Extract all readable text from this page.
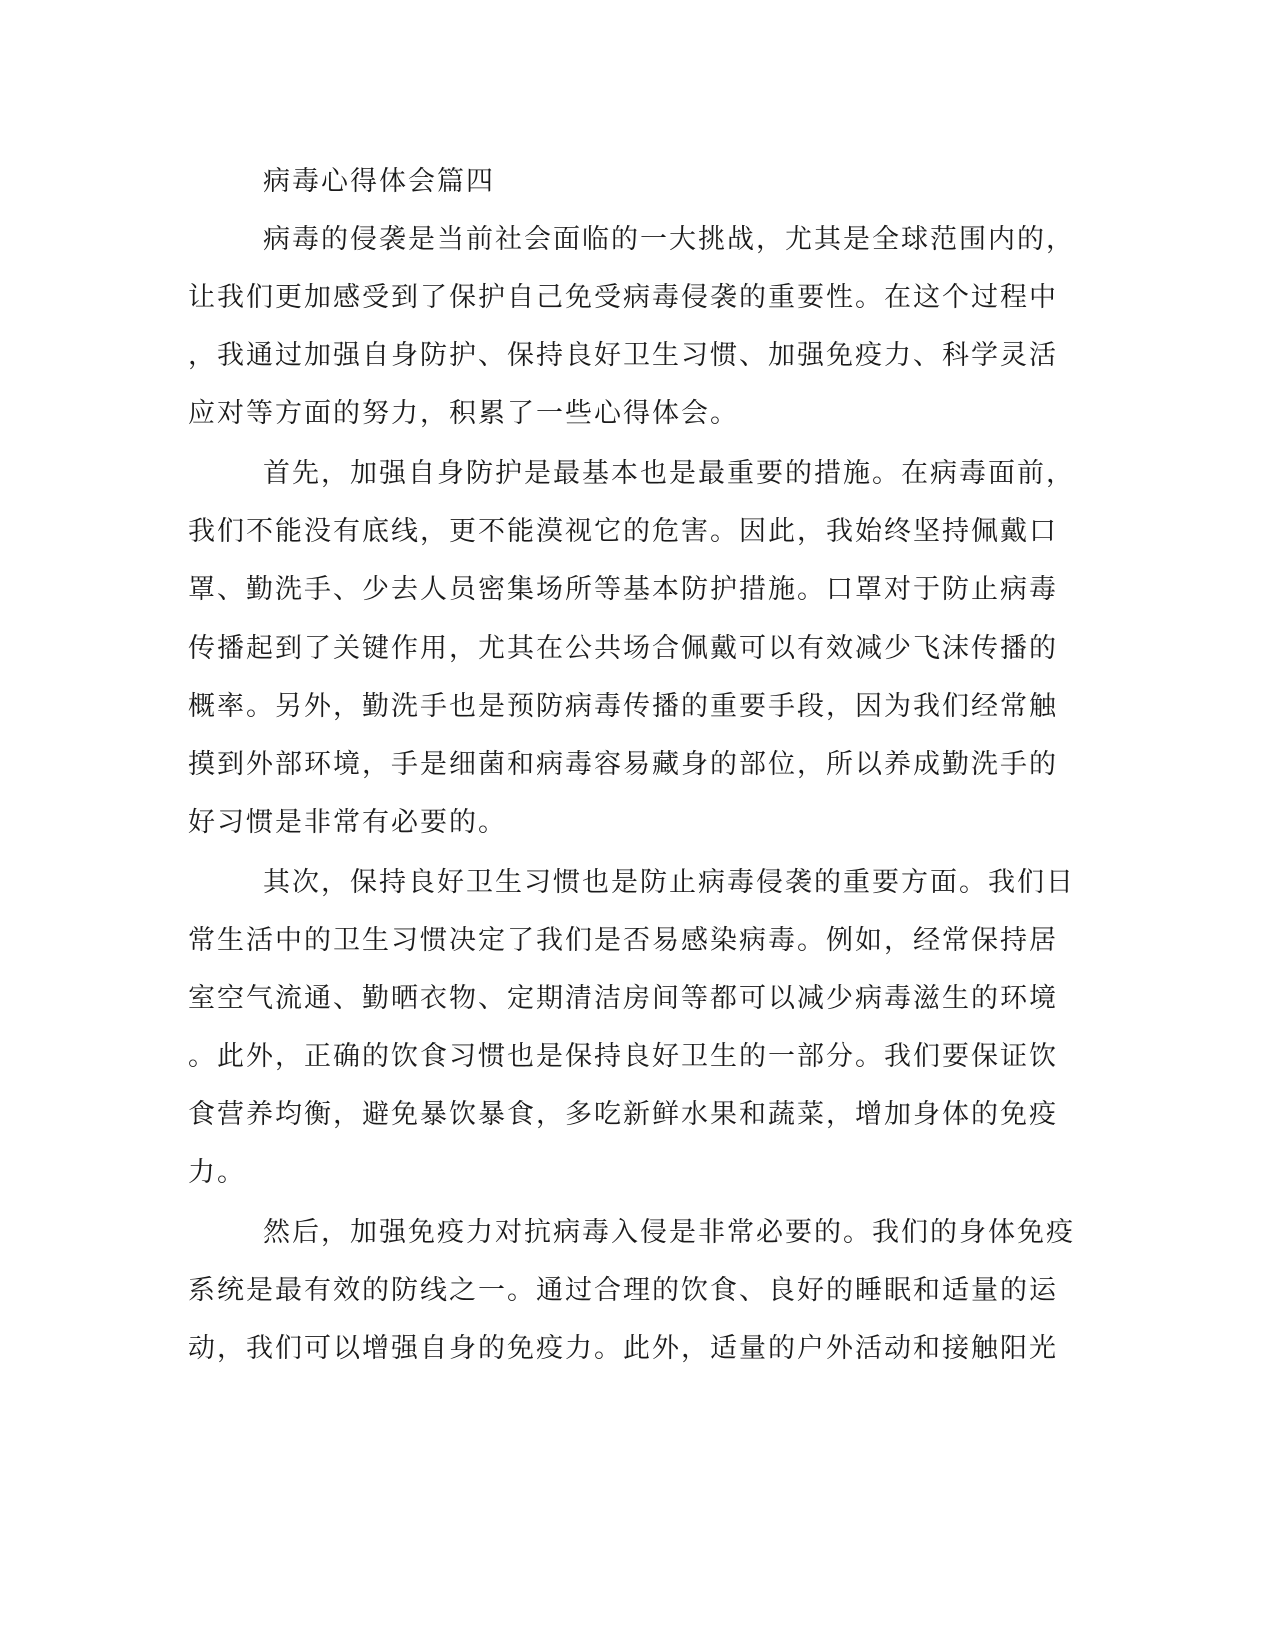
病毒心得体会篇四
病毒的侵袭是当前社会面临的一大挑战，尤其是全球范围内的，
让我们更加感受到了保护自己免受病毒侵袭的重要性。在这个过程中
，我通过加强自身防护、保持良好卫生习惯、加强免疫力、科学灵活
应对等方面的努力，积累了一些心得体会。
首先，加强自身防护是最基本也是最重要的措施。在病毒面前，
我们不能没有底线，更不能漠视它的危害。因此，我始终坚持佩戴口
罩、勤洗手、少去人员密集场所等基本防护措施。口罩对于防止病毒
传播起到了关键作用，尤其在公共场合佩戴可以有效减少飞沫传播的
概率。另外，勤洗手也是预防病毒传播的重要手段，因为我们经常触
摸到外部环境，手是细菌和病毒容易藏身的部位，所以养成勤洗手的
好习惯是非常有必要的。
其次，保持良好卫生习惯也是防止病毒侵袭的重要方面。我们日
常生活中的卫生习惯决定了我们是否易感染病毒。例如，经常保持居
室空气流通、勤晒衣物、定期清洁房间等都可以减少病毒滋生的环境
。此外，正确的饮食习惯也是保持良好卫生的一部分。我们要保证饮
食营养均衡，避免暴饮暴食，多吃新鲜水果和蔬菜，增加身体的免疫
力。
然后，加强免疫力对抗病毒入侵是非常必要的。我们的身体免疫
系统是最有效的防线之一。通过合理的饮食、良好的睡眠和适量的运
动，我们可以增强自身的免疫力。此外，适量的户外活动和接触阳光
